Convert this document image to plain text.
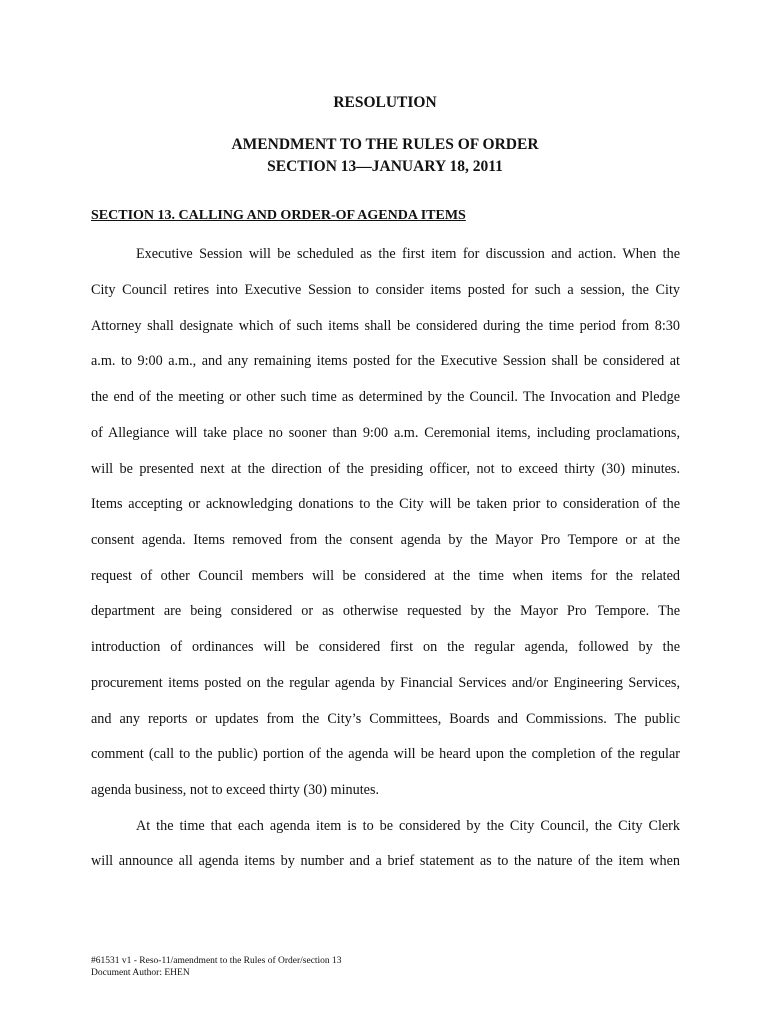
RESOLUTION
AMENDMENT TO THE RULES OF ORDER
SECTION 13—JANUARY 18, 2011
SECTION 13. CALLING AND ORDER-OF AGENDA ITEMS
Executive Session will be scheduled as the first item for discussion and action. When the
City Council retires into Executive Session to consider items posted for such a session, the City
Attorney shall designate which of such items shall be considered during the time period from 8:30
a.m. to 9:00 a.m., and any remaining items posted for the Executive Session shall be considered at
the end of the meeting or other such time as determined by the Council. The Invocation and Pledge
of Allegiance will take place no sooner than 9:00 a.m. Ceremonial items, including proclamations,
will be presented next at the direction of the presiding officer, not to exceed thirty (30) minutes.
Items accepting or acknowledging donations to the City will be taken prior to consideration of the
consent agenda. Items removed from the consent agenda by the Mayor Pro Tempore or at the
request of other Council members will be considered at the time when items for the related
department are being considered or as otherwise requested by the Mayor Pro Tempore. The
introduction of ordinances will be considered first on the regular agenda, followed by the
procurement items posted on the regular agenda by Financial Services and/or Engineering Services,
and any reports or updates from the City’s Committees, Boards and Commissions. The public
comment (call to the public) portion of the agenda will be heard upon the completion of the regular
agenda business, not to exceed thirty (30) minutes.
At the time that each agenda item is to be considered by the City Council, the City Clerk
will announce all agenda items by number and a brief statement as to the nature of the item when
#61531 v1 - Reso-11/amendment to the Rules of Order/section 13
Document Author: EHEN
